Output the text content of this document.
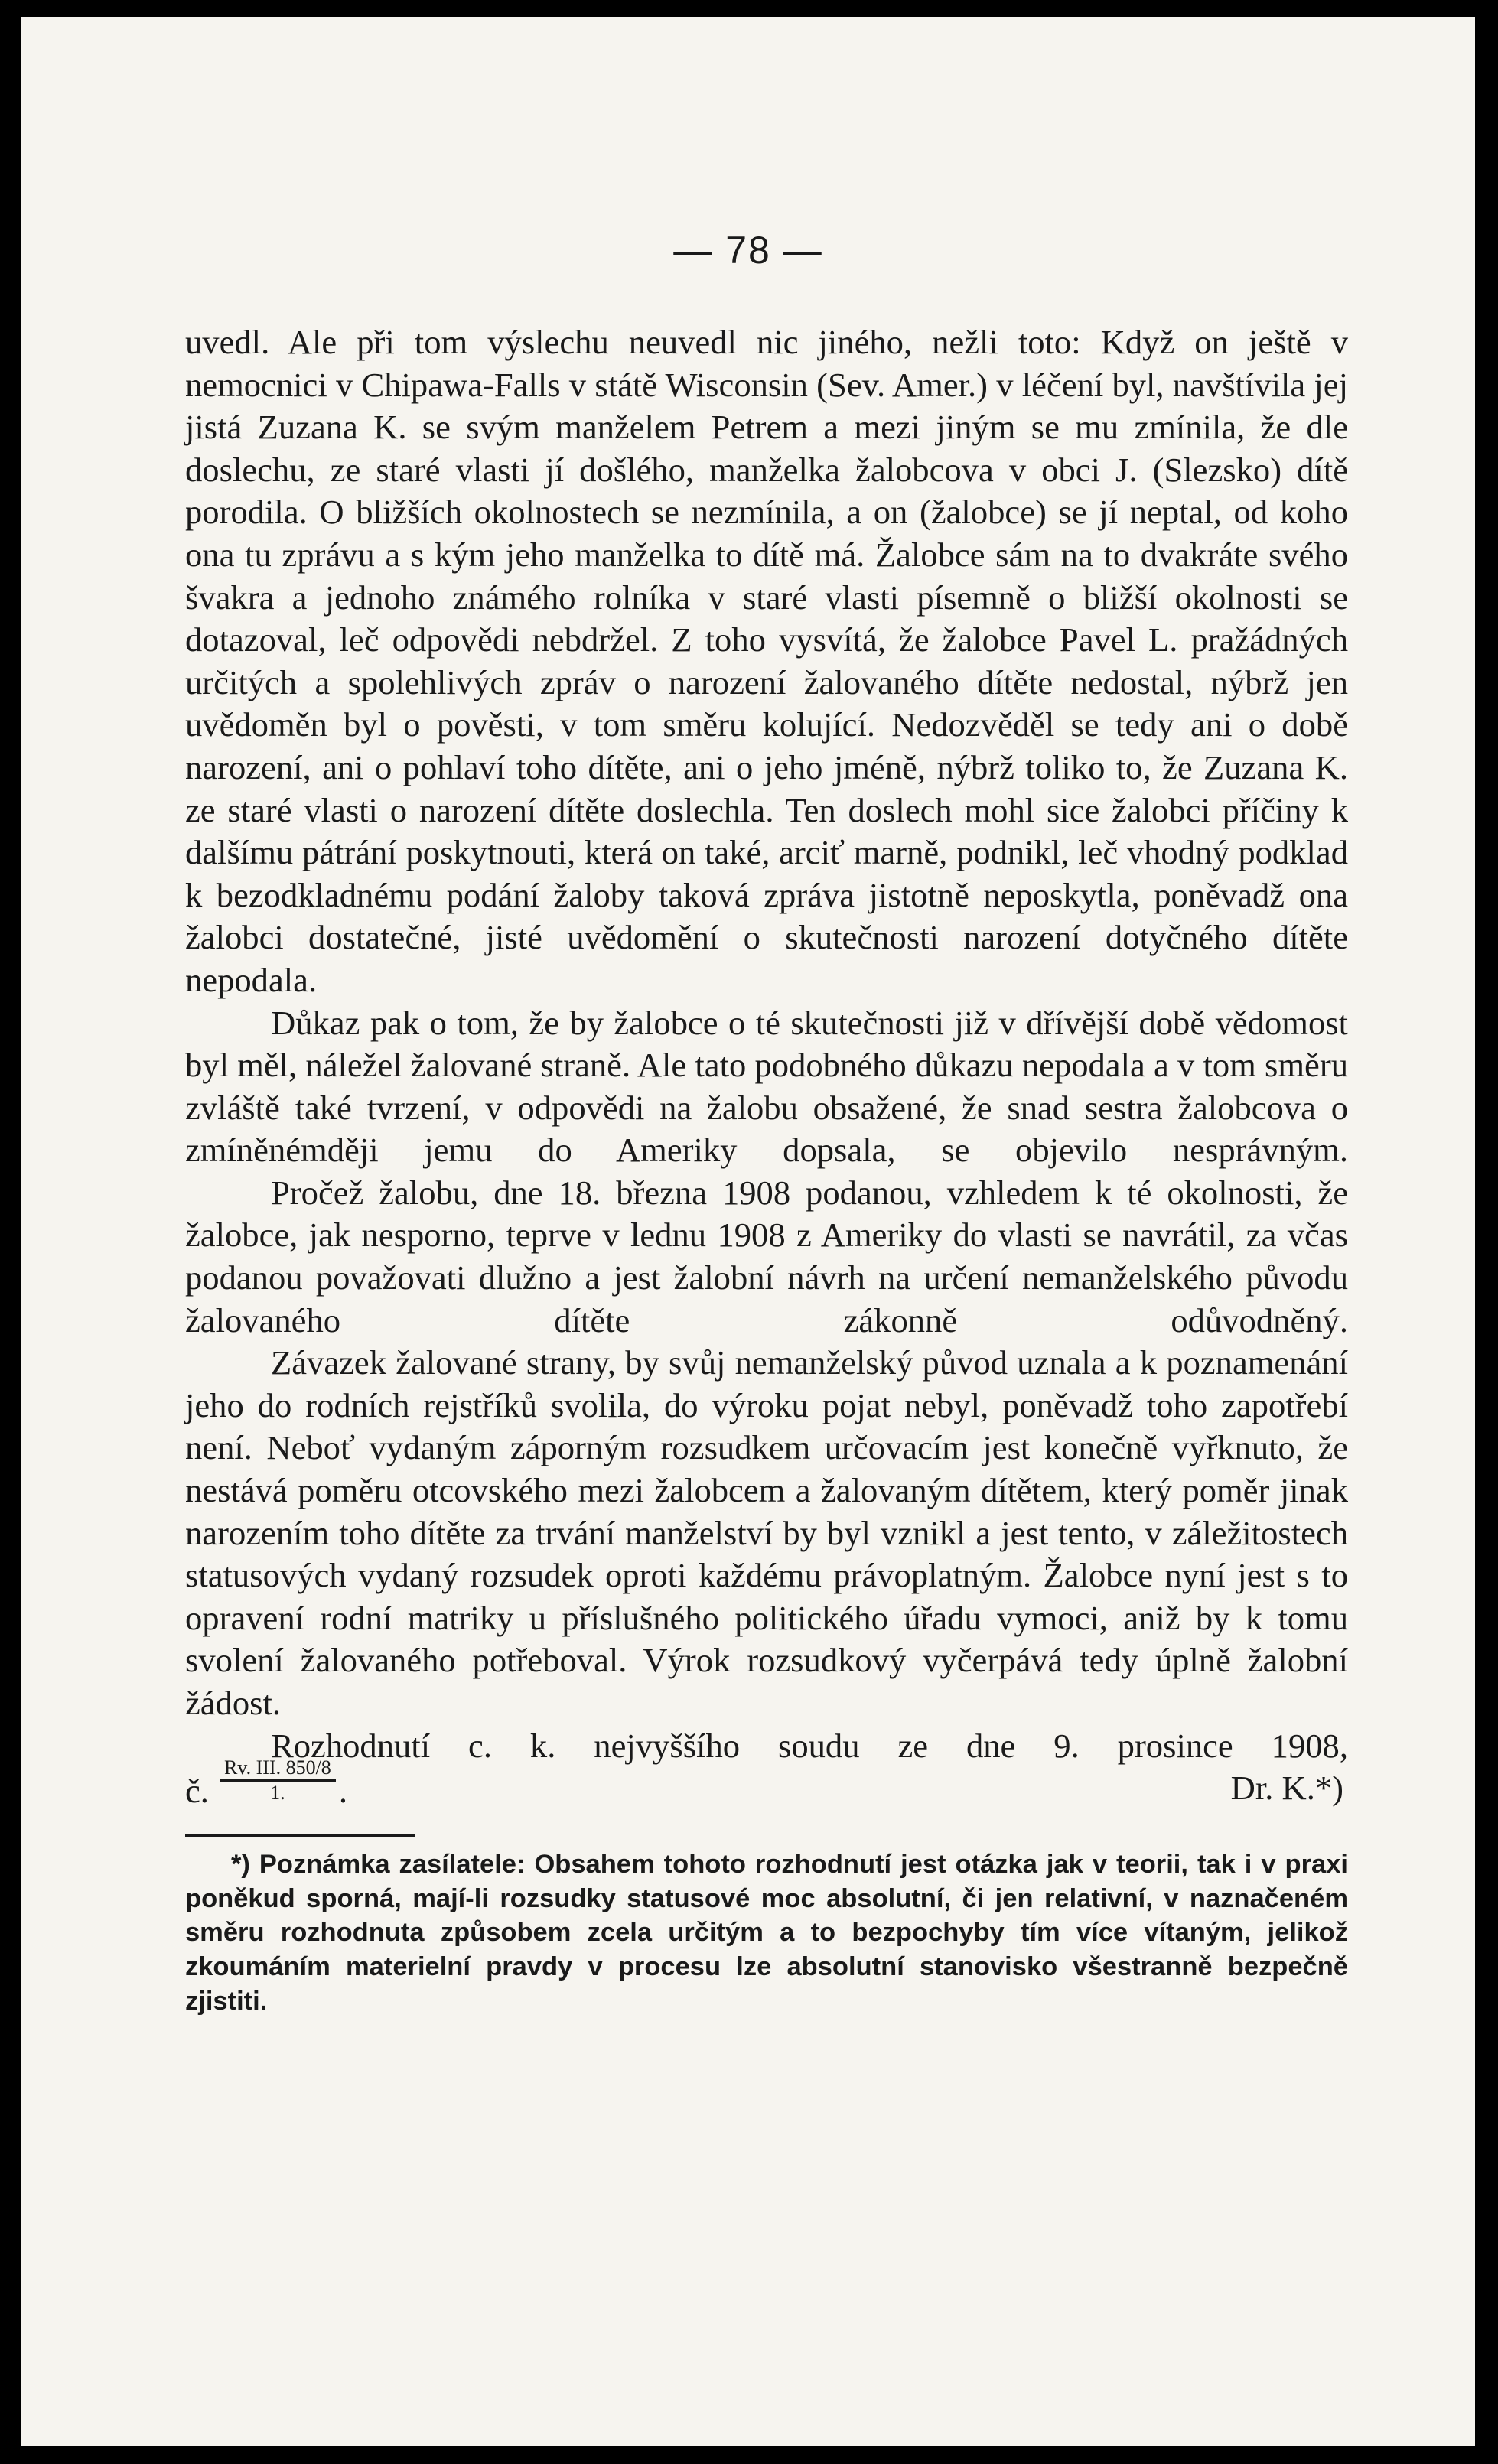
— 78 —

uvedl. Ale při tom výslechu neuvedl nic jiného, nežli toto: Když on ještě v nemocnici v Chipawa-Falls v státě Wisconsin (Sev. Amer.) v léčení byl, navštívila jej jistá Zuzana K. se svým manželem Petrem a mezi jiným se mu zmínila, že dle doslechu, ze staré vlasti jí došlého, manželka žalobcova v obci J. (Slezsko) dítě porodila. O bližších okolnostech se nezmínila, a on (žalobce) se jí neptal, od koho ona tu zprávu a s kým jeho manželka to dítě má. Žalobce sám na to dvakráte svého švakra a jednoho známého rolníka v staré vlasti písemně o bližší okolnosti se dotazoval, leč odpovědi nebdržel. Z toho vysvítá, že žalobce Pavel L. pražádných určitých a spolehlivých zpráv o narození žalovaného dítěte nedostal, nýbrž jen uvědoměn byl o pověsti, v tom směru kolující. Nedozvěděl se tedy ani o době narození, ani o pohlaví toho dítěte, ani o jeho jméně, nýbrž toliko to, že Zuzana K. ze staré vlasti o narození dítěte doslechla. Ten doslech mohl sice žalobci příčiny k dalšímu pátrání poskytnouti, která on také, arciť marně, podnikl, leč vhodný podklad k bezodkladnému podání žaloby taková zpráva jistotně neposkytla, poněvadž ona žalobci dostatečné, jisté uvědomění o skutečnosti narození dotyčného dítěte nepodala.

Důkaz pak o tom, že by žalobce o té skutečnosti již v dřívější době vědomost byl měl, náležel žalované straně. Ale tato podobného důkazu nepodala a v tom směru zvláště také tvrzení, v odpovědi na žalobu obsažené, že snad sestra žalobcova o zmíněnémději jemu do Ameriky dopsala, se objevilo nesprávným.

Pročež žalobu, dne 18. března 1908 podanou, vzhledem k té okolnosti, že žalobce, jak nesporno, teprve v lednu 1908 z Ameriky do vlasti se navrátil, za včas podanou považovati dlužno a jest žalobní návrh na určení nemanželského původu žalovaného dítěte zákonně odůvodněný.

Závazek žalované strany, by svůj nemanželský původ uznala a k poznamenání jeho do rodních rejstříků svolila, do výroku pojat nebyl, poněvadž toho zapotřebí není. Neboť vydaným záporným rozsudkem určovacím jest konečně vyřknuto, že nestává poměru otcovského mezi žalobcem a žalovaným dítětem, který poměr jinak narozením toho dítěte za trvání manželství by byl vznikl a jest tento, v záležitostech statusových vydaný rozsudek oproti každému právoplatným. Žalobce nyní jest s to opravení rodní matriky u příslušného politického úřadu vymoci, aniž by k tomu svolení žalovaného potřeboval. Výrok rozsudkový vyčerpává tedy úplně žalobní žádost.

Rozhodnutí c. k. nejvyššího soudu ze dne 9. prosince 1908,

č. $\frac{\text{Rv. III. 850/8}}{1.}$ .	Dr. K.*)

*) Poznámka zasílatele: Obsahem tohoto rozhodnutí jest otázka jak v teorii, tak i v praxi poněkud sporná, mají-li rozsudky statusové moc absolutní, či jen relativní, v naznačeném směru rozhodnuta způsobem zcela určitým a to bezpochyby tím více vítaným, jelikož zkoumáním materielní pravdy v procesu lze absolutní stanovisko všestranně bezpečně zjistiti.
